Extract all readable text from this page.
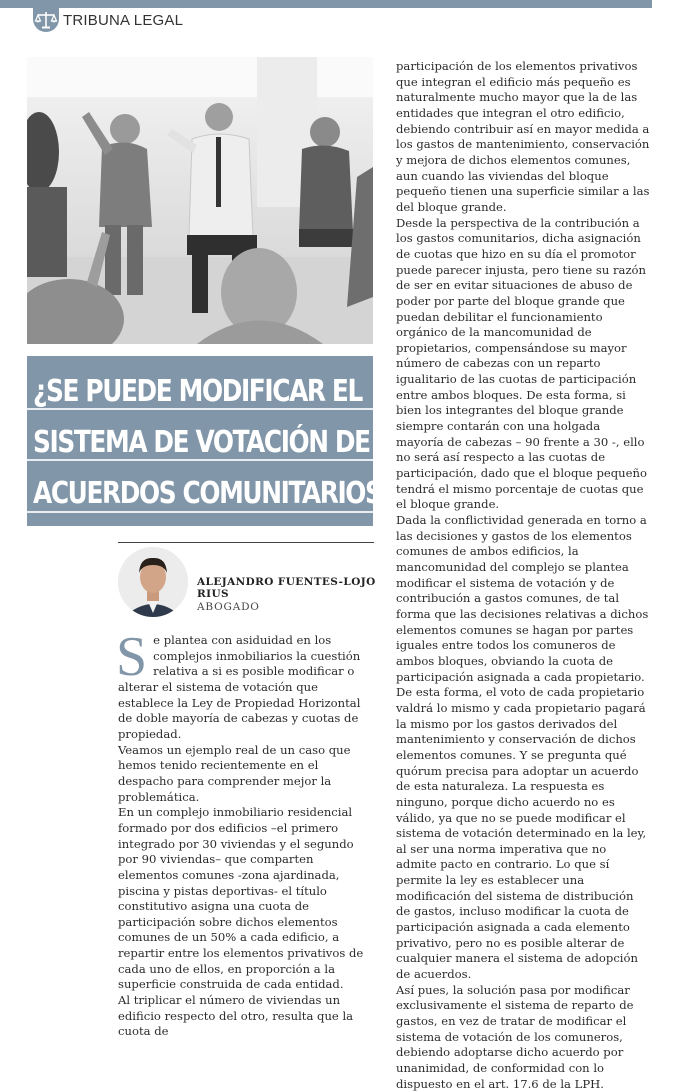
TRIBUNA LEGAL
¿SE PUEDE MODIFICAR EL
SISTEMA DE VOTACIÓN DE
ACUERDOS COMUNITARIOS?
ALEJANDRO FUENTES-LOJO RIUS
ABOGADO

Se plantea con asiduidad en los complejos inmobiliarios la cuestión relativa a si es posible modificar o alterar el sistema de votación que establece la Ley de Propiedad Horizontal de doble mayoría de cabezas y cuotas de propiedad.

Veamos un ejemplo real de un caso que hemos tenido recientemente en el despacho para comprender mejor la problemática.

En un complejo inmobiliario residencial formado por dos edificios –el primero integrado por 30 viviendas y el segundo por 90 viviendas– que comparten elementos comunes -zona ajardinada, piscina y pistas deportivas- el título constitutivo asigna una cuota de participación sobre dichos elementos comunes de un 50% a cada edificio, a repartir entre los elementos privativos de cada uno de ellos, en proporción a la superficie construida de cada entidad.

Al triplicar el número de viviendas un edificio respecto del otro, resulta que la cuota de

participación de los elementos privativos que integran el edificio más pequeño es naturalmente mucho mayor que la de las entidades que integran el otro edificio, debiendo contribuir así en mayor medida a los gastos de mantenimiento, conservación y mejora de dichos elementos comunes, aun cuando las viviendas del bloque pequeño tienen una superficie similar a las del bloque grande.

Desde la perspectiva de la contribución a los gastos comunitarios, dicha asignación de cuotas que hizo en su día el promotor puede parecer injusta, pero tiene su razón de ser en evitar situaciones de abuso de poder por parte del bloque grande que puedan debilitar el funcionamiento orgánico de la mancomunidad de propietarios, compensándose su mayor número de cabezas con un reparto igualitario de las cuotas de participación entre ambos bloques. De esta forma, si bien los integrantes del bloque grande siempre contarán con una holgada mayoría de cabezas – 90 frente a 30 -, ello no será así respecto a las cuotas de participación, dado que el bloque pequeño tendrá el mismo porcentaje de cuotas que el bloque grande.

Dada la conflictividad generada en torno a las decisiones y gastos de los elementos comunes de ambos edificios, la mancomunidad del complejo se plantea modificar el sistema de votación y de contribución a gastos comunes, de tal forma que las decisiones relativas a dichos elementos comunes se hagan por partes iguales entre todos los comuneros de ambos bloques, obviando la cuota de participación asignada a cada propietario.

De esta forma, el voto de cada propietario valdrá lo mismo y cada propietario pagará la mismo por los gastos derivados del mantenimiento y conservación de dichos elementos comunes. Y se pregunta qué quórum precisa para adoptar un acuerdo de esta naturaleza. La respuesta es ninguno, porque dicho acuerdo no es válido, ya que no se puede modificar el sistema de votación determinado en la ley, al ser una norma imperativa que no admite pacto en contrario. Lo que sí permite la ley es establecer una modificación del sistema de distribución de gastos, incluso modificar la cuota de participación asignada a cada elemento privativo, pero no es posible alterar de cualquier manera el sistema de adopción de acuerdos.

Así pues, la solución pasa por modificar exclusivamente el sistema de reparto de gastos, en vez de tratar de modificar el sistema de votación de los comuneros, debiendo adoptarse dicho acuerdo por unanimidad, de conformidad con lo dispuesto en el art. 17.6 de la LPH.
